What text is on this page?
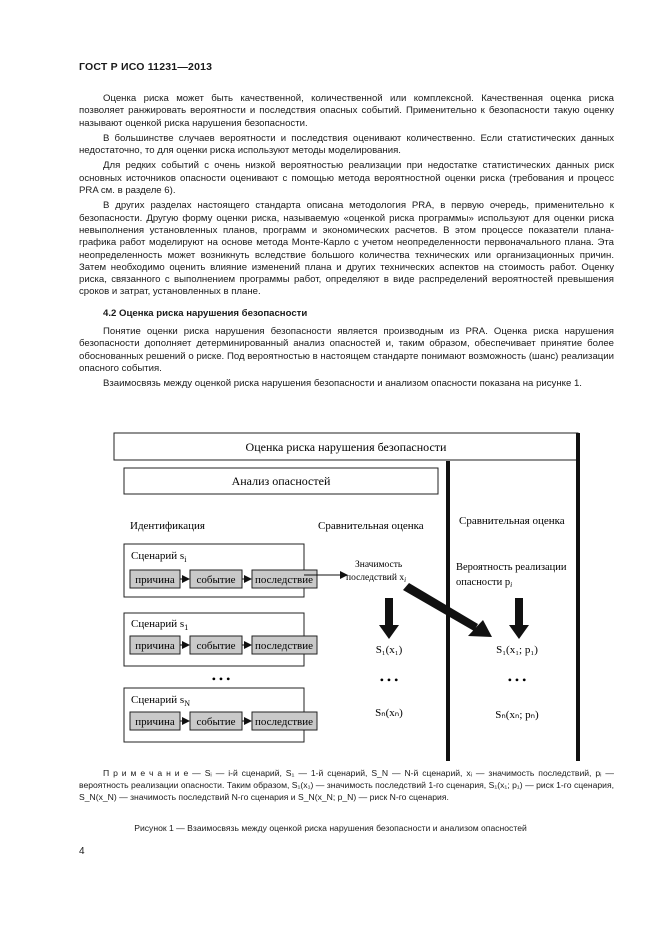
ГОСТ Р ИСО 11231—2013

Оценка риска может быть качественной, количественной или комплексной. Качественная оценка риска позволяет ранжировать вероятности и последствия опасных событий. Применительно к безопасности такую оценку называют оценкой риска нарушения безопасности.

В большинстве случаев вероятности и последствия оценивают количественно. Если статистических данных недостаточно, то для оценки риска используют методы моделирования.

Для редких событий с очень низкой вероятностью реализации при недостатке статистических данных риск основных источников опасности оценивают с помощью метода вероятностной оценки риска (требования и процесс PRA см. в разделе 6).

В других разделах настоящего стандарта описана методология PRA, в первую очередь, применительно к безопасности. Другую форму оценки риска, называемую «оценкой риска программы» используют для оценки риска невыполнения установленных планов, программ и экономических расчетов. В этом процессе показатели плана-графика работ моделируют на основе метода Монте-Карло с учетом неопределенности первоначального плана. Эта неопределенность может возникнуть вследствие большого количества технических или организационных причин. Затем необходимо оценить влияние изменений плана и других технических аспектов на стоимость работ. Оценку риска, связанного с выполнением программы работ, определяют в виде распределений вероятностей превышения сроков и затрат, установленных в плане.

4.2 Оценка риска нарушения безопасности

Понятие оценки риска нарушения безопасности является производным из PRA. Оценка риска нарушения безопасности дополняет детерминированный анализ опасностей и, таким образом, обеспечивает принятие более обоснованных решений о риске. Под вероятностью в настоящем стандарте понимают возможность (шанс) реализации опасного события.

Взаимосвязь между оценкой риска нарушения безопасности и анализом опасности показана на рисунке 1.

Оценка риска нарушения безопасности
Анализ опасностей
Идентификация	Сравнительная оценка	Сравнительная оценка
Сценарий $s_i$
причина событие последствие
Сценарий $s_1$
причина событие последствие
• • •
Сценарий $s_N$
причина событие последствие
Значимость
последствий $x_i$
Вероятность реализации
опасности pi
S₁(x₁)	S₁(x₁; p₁)
• • •	• • •
Sₙ(xₙ)	Sₙ(xₙ; pₙ)
П р и м е ч а н и е — Sᵢ — i-й сценарий, S₁ — 1-й сценарий, S_N — N-й сценарий, xᵢ — значимость последствий, pᵢ — вероятность реализации опасности. Таким образом, S₁(x₁) — значимость последствий 1-го сценария, S₁(x₁; p₁) — риск 1-го сценария, S_N(x_N) — значимость последствий N-го сценария и S_N(x_N; p_N) — риск N-го сценария.
Рисунок 1 — Взаимосвязь между оценкой риска нарушения безопасности и анализом опасностей
4
